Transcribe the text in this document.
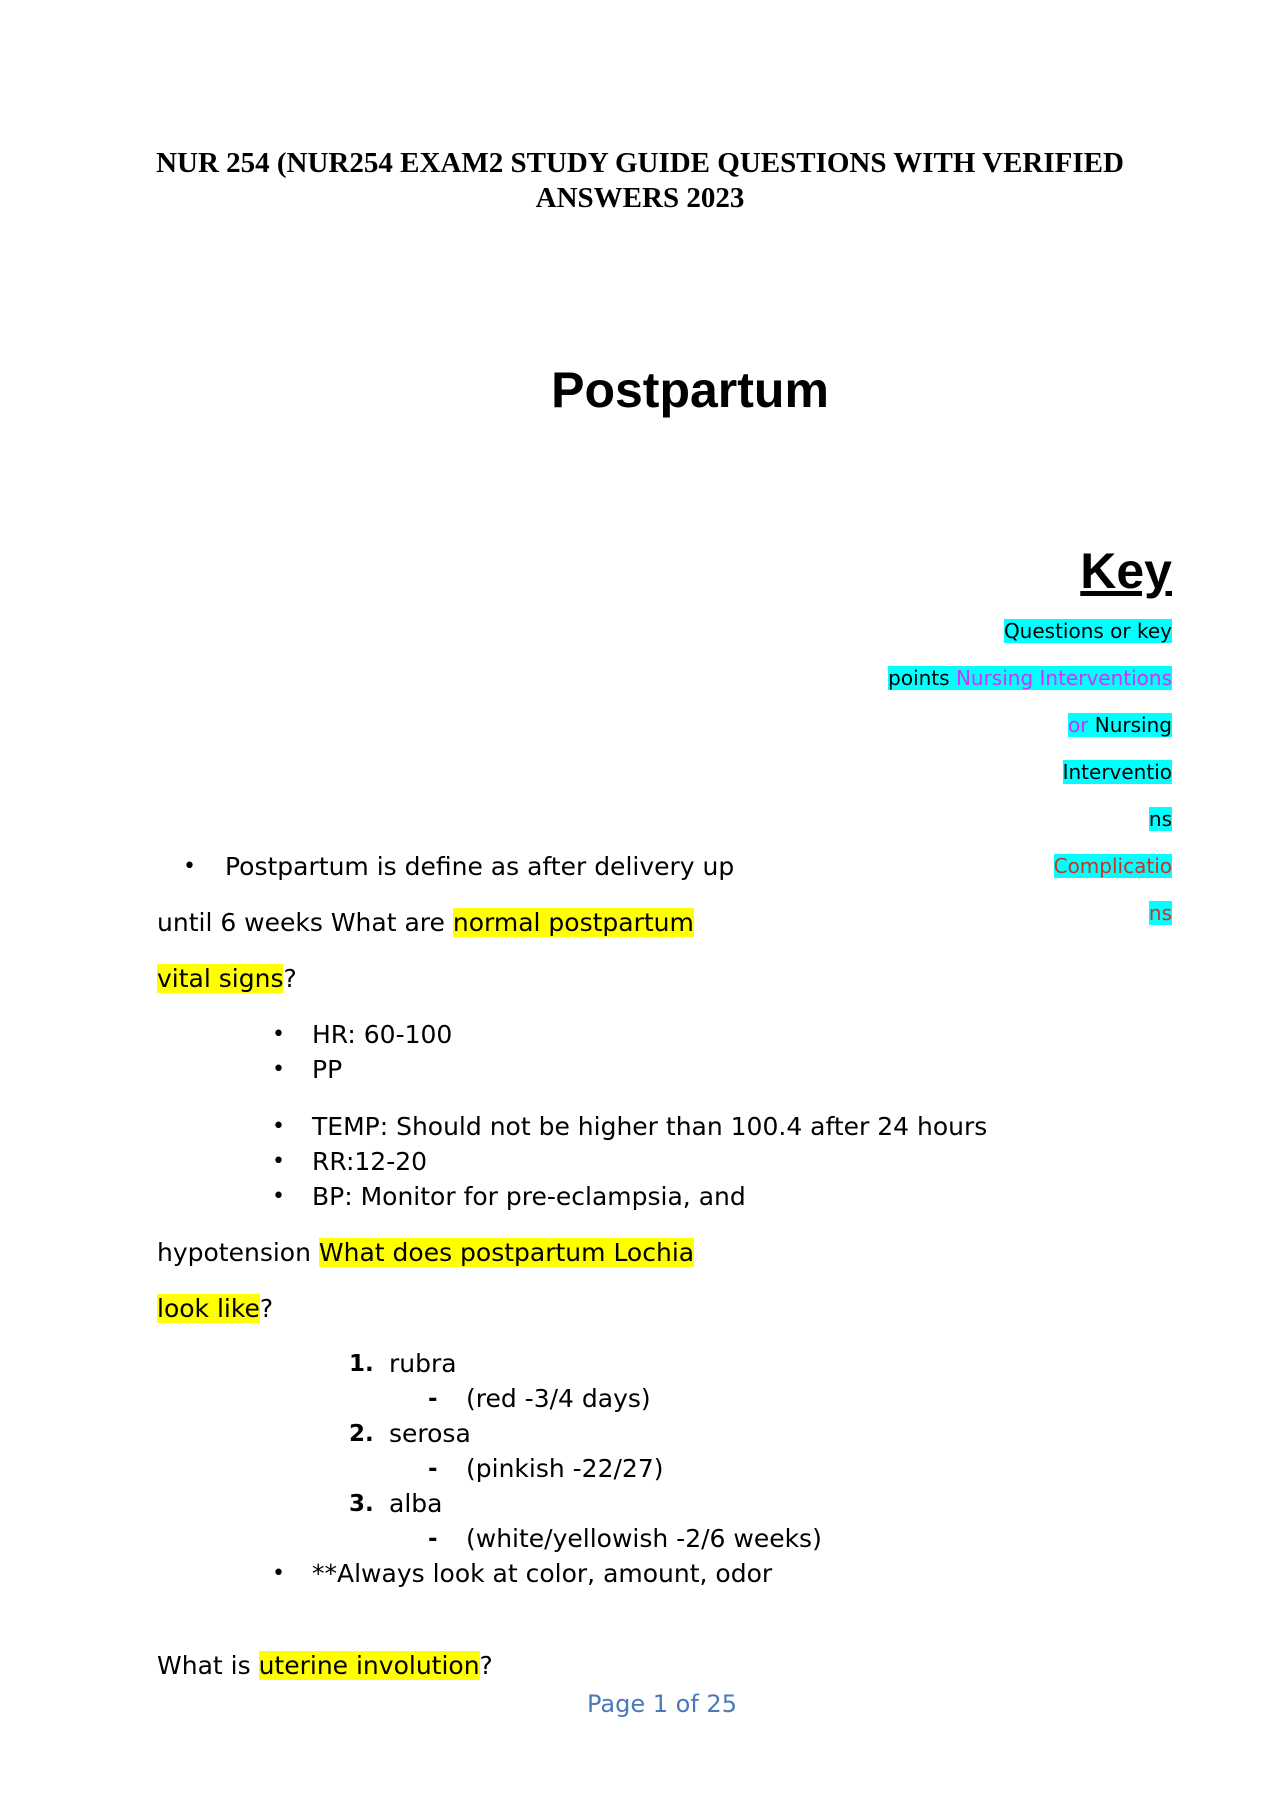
NUR 254 (NUR254 EXAM2 STUDY GUIDE QUESTIONS WITH VERIFIED ANSWERS 2023
Postpartum
Key
Questions or key
points Nursing Interventions
or Nursing
Interventio
ns
Complicatio
ns
• Postpartum is define as after delivery up
until 6 weeks What are normal postpartum
vital signs?
• HR: 60-100
• PP
• TEMP: Should not be higher than 100.4 after 24 hours
• RR:12-20
• BP: Monitor for pre-eclampsia, and
hypotension What does postpartum Lochia
look like?
1. rubra
- (red -3/4 days)
2. serosa
- (pinkish -22/27)
3. alba
- (white/yellowish -2/6 weeks)
• **Always look at color, amount, odor
What is uterine involution?
Page 1 of 25
